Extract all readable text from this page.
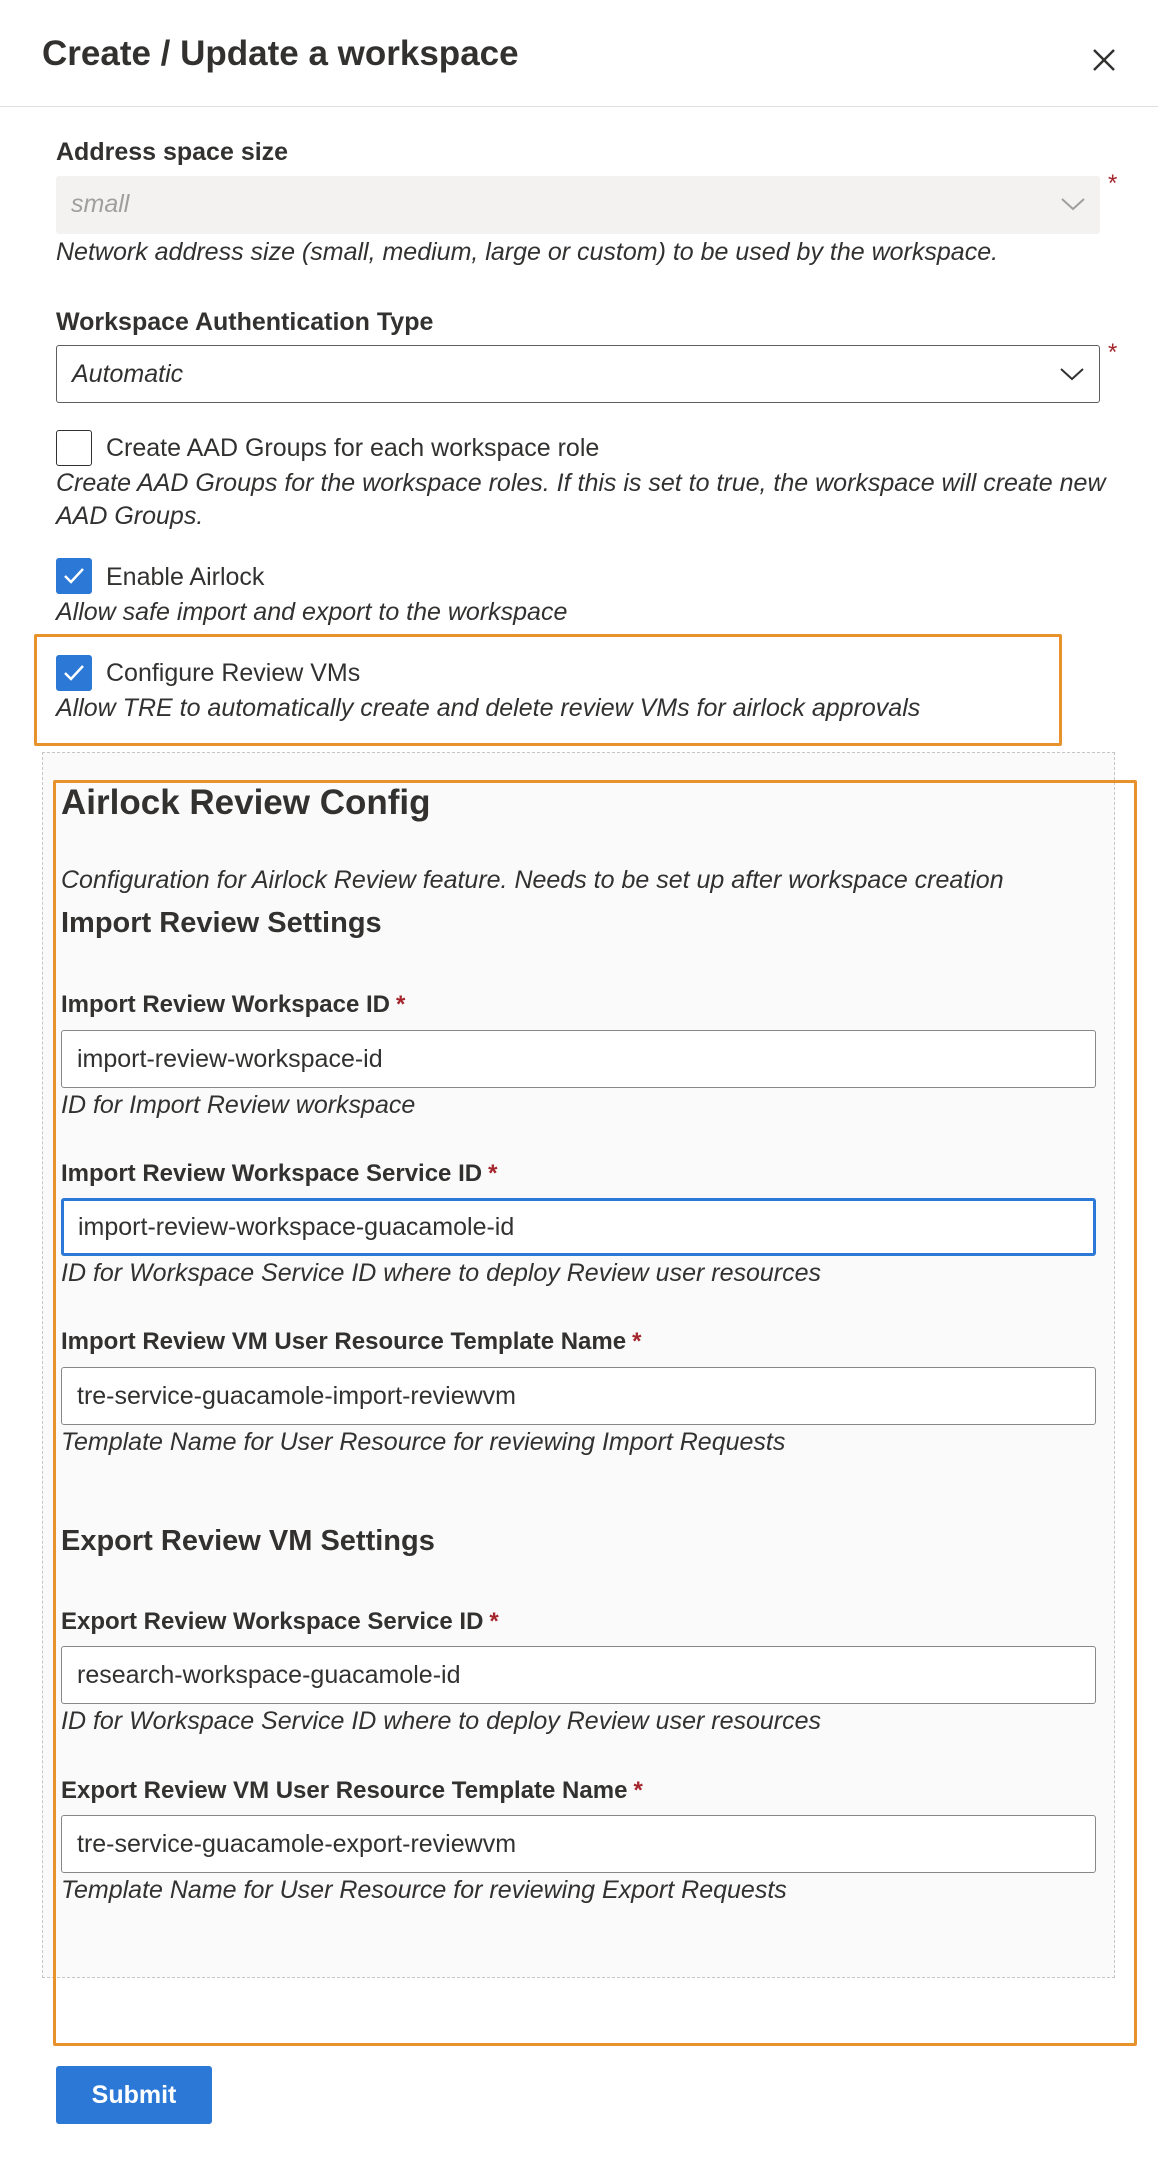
Create / Update a workspace
Address space size
small
*
Network address size (small, medium, large or custom) to be used by the workspace.
Workspace Authentication Type
Automatic
*
Create AAD Groups for each workspace role
Create AAD Groups for the workspace roles. If this is set to true, the workspace will create new AAD Groups.
Enable Airlock
Allow safe import and export to the workspace
Configure Review VMs
Allow TRE to automatically create and delete review VMs for airlock approvals
Airlock Review Config
Configuration for Airlock Review feature. Needs to be set up after workspace creation
Import Review Settings
Import Review Workspace ID *
import-review-workspace-id
ID for Import Review workspace
Import Review Workspace Service ID *
import-review-workspace-guacamole-id
ID for Workspace Service ID where to deploy Review user resources
Import Review VM User Resource Template Name *
tre-service-guacamole-import-reviewvm
Template Name for User Resource for reviewing Import Requests
Export Review VM Settings
Export Review Workspace Service ID *
research-workspace-guacamole-id
ID for Workspace Service ID where to deploy Review user resources
Export Review VM User Resource Template Name *
tre-service-guacamole-export-reviewvm
Template Name for User Resource for reviewing Export Requests
Submit
